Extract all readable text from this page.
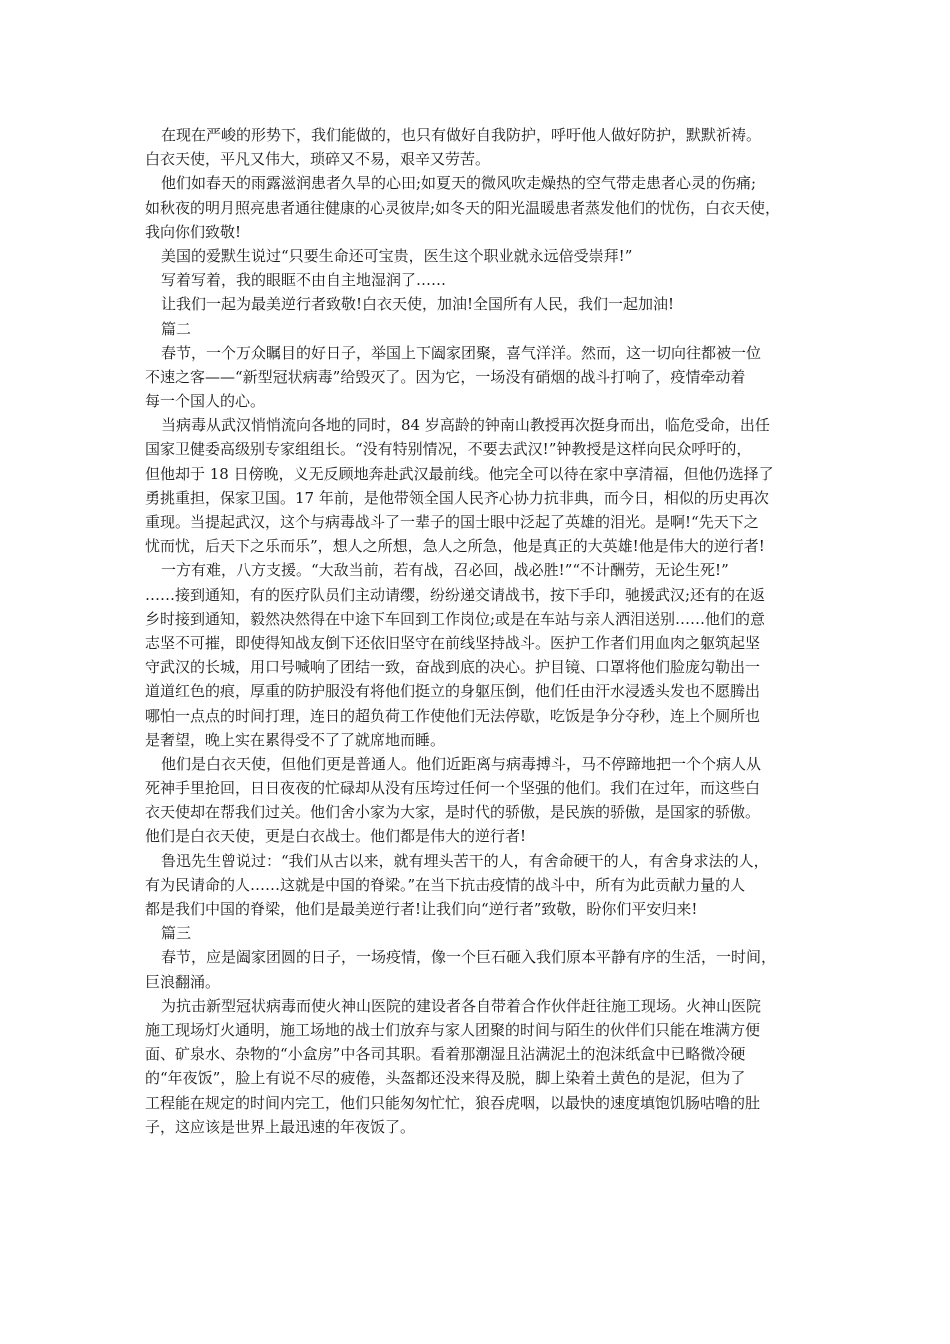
在现在严峻的形势下，我们能做的，也只有做好自我防护，呼吁他人做好防护，默默祈祷。
白衣天使，平凡又伟大，琐碎又不易，艰辛又劳苦。
他们如春天的雨露滋润患者久旱的心田;如夏天的微风吹走燥热的空气带走患者心灵的伤痛;
如秋夜的明月照亮患者通往健康的心灵彼岸;如冬天的阳光温暖患者蒸发他们的忧伤，白衣天使，
我向你们致敬!
美国的爱默生说过“只要生命还可宝贵，医生这个职业就永远倍受崇拜!”
写着写着，我的眼眶不由自主地湿润了……
让我们一起为最美逆行者致敬!白衣天使，加油!全国所有人民，我们一起加油!
篇二
春节，一个万众瞩目的好日子，举国上下阖家团聚，喜气洋洋。然而，这一切向往都被一位
不速之客——“新型冠状病毒”给毁灭了。因为它，一场没有硝烟的战斗打响了，疫情牵动着
每一个国人的心。
当病毒从武汉悄悄流向各地的同时，84 岁高龄的钟南山教授再次挺身而出，临危受命，出任
国家卫健委高级别专家组组长。“没有特别情况，不要去武汉!”钟教授是这样向民众呼吁的，
但他却于 18 日傍晚，义无反顾地奔赴武汉最前线。他完全可以待在家中享清福，但他仍选择了
勇挑重担，保家卫国。17 年前，是他带领全国人民齐心协力抗非典，而今日，相似的历史再次
重现。当提起武汉，这个与病毒战斗了一辈子的国士眼中泛起了英雄的泪光。是啊!“先天下之
忧而忧，后天下之乐而乐”，想人之所想，急人之所急，他是真正的大英雄!他是伟大的逆行者!
一方有难，八方支援。“大敌当前，若有战，召必回，战必胜!”“不计酬劳，无论生死!”
……接到通知，有的医疗队员们主动请缨，纷纷递交请战书，按下手印，驰援武汉;还有的在返
乡时接到通知，毅然决然得在中途下车回到工作岗位;或是在车站与亲人洒泪送别……他们的意
志坚不可摧，即使得知战友倒下还依旧坚守在前线坚持战斗。医护工作者们用血肉之躯筑起坚
守武汉的长城，用口号喊响了团结一致，奋战到底的决心。护目镜、口罩将他们脸庞勾勒出一
道道红色的痕，厚重的防护服没有将他们挺立的身躯压倒，他们任由汗水浸透头发也不愿腾出
哪怕一点点的时间打理，连日的超负荷工作使他们无法停歇，吃饭是争分夺秒，连上个厕所也
是奢望，晚上实在累得受不了了就席地而睡。
他们是白衣天使，但他们更是普通人。他们近距离与病毒搏斗，马不停蹄地把一个个病人从
死神手里抢回，日日夜夜的忙碌却从没有压垮过任何一个坚强的他们。我们在过年，而这些白
衣天使却在帮我们过关。他们舍小家为大家，是时代的骄傲，是民族的骄傲，是国家的骄傲。
他们是白衣天使，更是白衣战士。他们都是伟大的逆行者!
鲁迅先生曾说过：“我们从古以来，就有埋头苦干的人，有舍命硬干的人，有舍身求法的人，
有为民请命的人……这就是中国的脊梁。”在当下抗击疫情的战斗中，所有为此贡献力量的人
都是我们中国的脊梁，他们是最美逆行者!让我们向“逆行者”致敬，盼你们平安归来!
篇三
春节，应是阖家团圆的日子，一场疫情，像一个巨石砸入我们原本平静有序的生活，一时间，
巨浪翻涌。
为抗击新型冠状病毒而使火神山医院的建设者各自带着合作伙伴赶往施工现场。火神山医院
施工现场灯火通明，施工场地的战士们放弃与家人团聚的时间与陌生的伙伴们只能在堆满方便
面、矿泉水、杂物的“小盒房”中各司其职。看着那潮湿且沾满泥土的泡沫纸盒中已略微冷硬
的“年夜饭”，脸上有说不尽的疲倦，头盔都还没来得及脱，脚上染着土黄色的是泥，但为了
工程能在规定的时间内完工，他们只能匆匆忙忙，狼吞虎咽，以最快的速度填饱饥肠咕噜的肚
子，这应该是世界上最迅速的年夜饭了。
